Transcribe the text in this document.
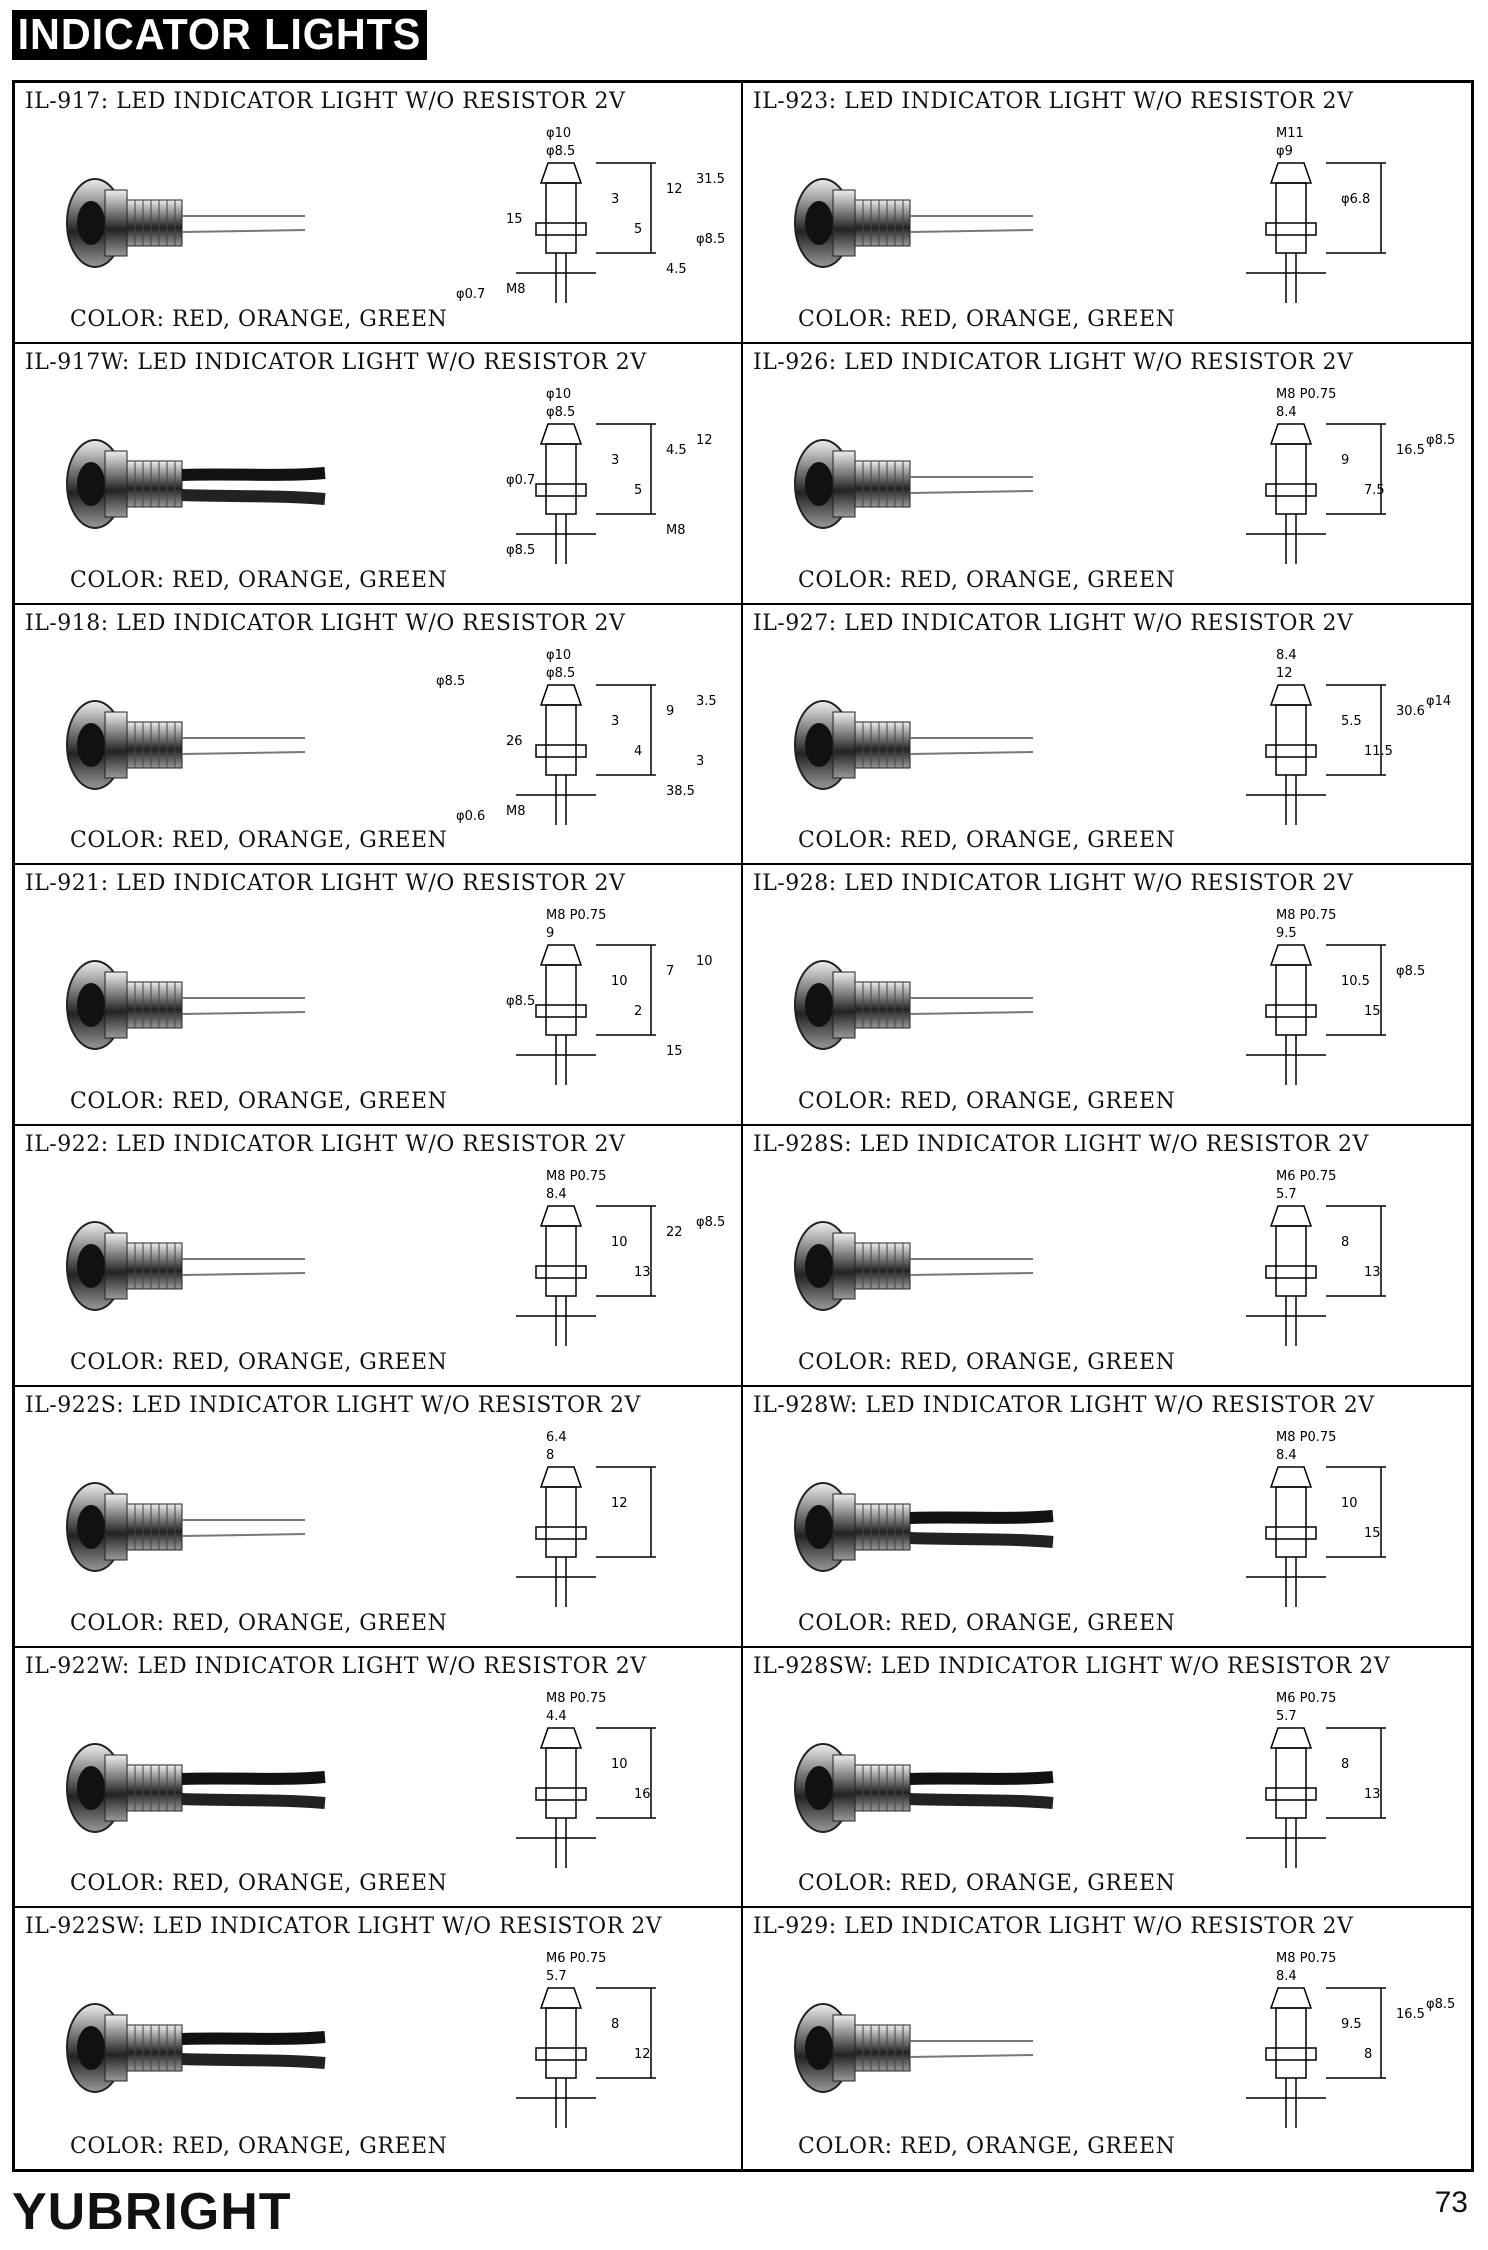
INDICATOR LIGHTS
IL-917: LED INDICATOR LIGHT W/O RESISTOR 2V
φ10
φ8.5
3
5
12
31.5
4.5
15
M8
φ0.7
φ8.5
COLOR: RED, ORANGE, GREEN
IL-923: LED INDICATOR LIGHT W/O RESISTOR 2V
M11
φ9
φ6.8
COLOR: RED, ORANGE, GREEN
IL-917W: LED INDICATOR LIGHT W/O RESISTOR 2V
φ10
φ8.5
3
5
4.5
12
M8
φ0.7
φ8.5
COLOR: RED, ORANGE, GREEN
IL-926: LED INDICATOR LIGHT W/O RESISTOR 2V
M8 P0.75
8.4
9
7.5
16.5
φ8.5
COLOR: RED, ORANGE, GREEN
IL-918: LED INDICATOR LIGHT W/O RESISTOR 2V
φ10
φ8.5
3
4
9
3.5
38.5
26
M8
φ0.6
3
φ8.5
COLOR: RED, ORANGE, GREEN
IL-927: LED INDICATOR LIGHT W/O RESISTOR 2V
8.4
12
5.5
11.5
30.6
φ14
COLOR: RED, ORANGE, GREEN
IL-921: LED INDICATOR LIGHT W/O RESISTOR 2V
M8 P0.75
9
10
2
7
10
15
φ8.5
COLOR: RED, ORANGE, GREEN
IL-928: LED INDICATOR LIGHT W/O RESISTOR 2V
M8 P0.75
9.5
10.5
15
φ8.5
COLOR: RED, ORANGE, GREEN
IL-922: LED INDICATOR LIGHT W/O RESISTOR 2V
M8 P0.75
8.4
10
13
22
φ8.5
COLOR: RED, ORANGE, GREEN
IL-928S: LED INDICATOR LIGHT W/O RESISTOR 2V
M6 P0.75
5.7
8
13
COLOR: RED, ORANGE, GREEN
IL-922S: LED INDICATOR LIGHT W/O RESISTOR 2V
6.4
8
12
COLOR: RED, ORANGE, GREEN
IL-928W: LED INDICATOR LIGHT W/O RESISTOR 2V
M8 P0.75
8.4
10
15
COLOR: RED, ORANGE, GREEN
IL-922W: LED INDICATOR LIGHT W/O RESISTOR 2V
M8 P0.75
4.4
10
16
COLOR: RED, ORANGE, GREEN
IL-928SW: LED INDICATOR LIGHT W/O RESISTOR 2V
M6 P0.75
5.7
8
13
COLOR: RED, ORANGE, GREEN
IL-922SW: LED INDICATOR LIGHT W/O RESISTOR 2V
M6 P0.75
5.7
8
12
COLOR: RED, ORANGE, GREEN
IL-929: LED INDICATOR LIGHT W/O RESISTOR 2V
M8 P0.75
8.4
9.5
8
16.5
φ8.5
COLOR: RED, ORANGE, GREEN
YUBRIGHT	73
